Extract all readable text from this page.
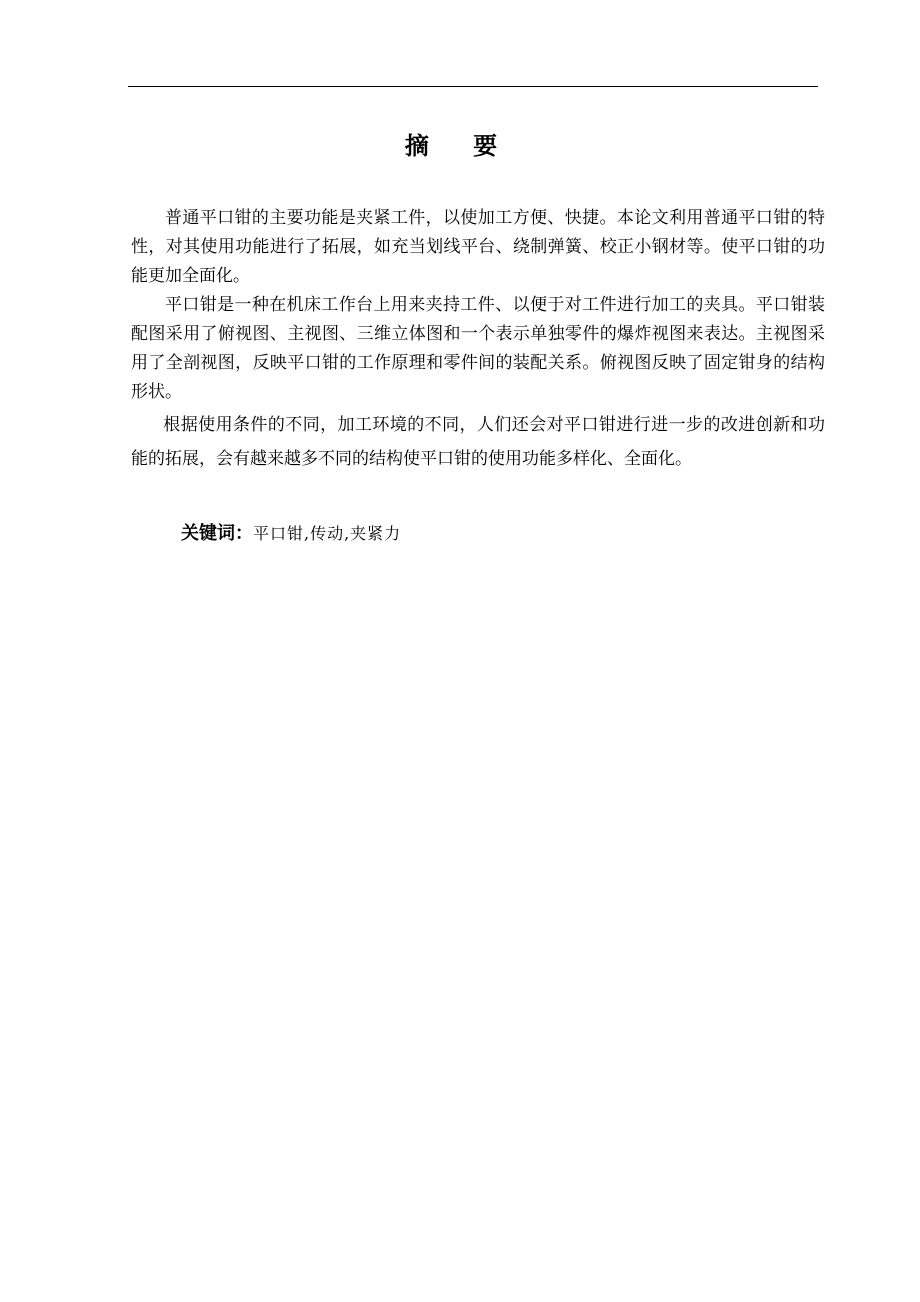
摘 要

普通平口钳的主要功能是夹紧工件，以使加工方便、快捷。本论文利用普通平口钳的特性，对其使用功能进行了拓展，如充当划线平台、绕制弹簧、校正小钢材等。使平口钳的功能更加全面化。

平口钳是一种在机床工作台上用来夹持工件、以便于对工件进行加工的夹具。平口钳装配图采用了俯视图、主视图、三维立体图和一个表示单独零件的爆炸视图来表达。主视图采用了全剖视图，反映平口钳的工作原理和零件间的装配关系。俯视图反映了固定钳身的结构形状。

根据使用条件的不同，加工环境的不同，人们还会对平口钳进行进一步的改进创新和功能的拓展，会有越来越多不同的结构使平口钳的使用功能多样化、全面化。

关键词：平口钳,传动,夹紧力
